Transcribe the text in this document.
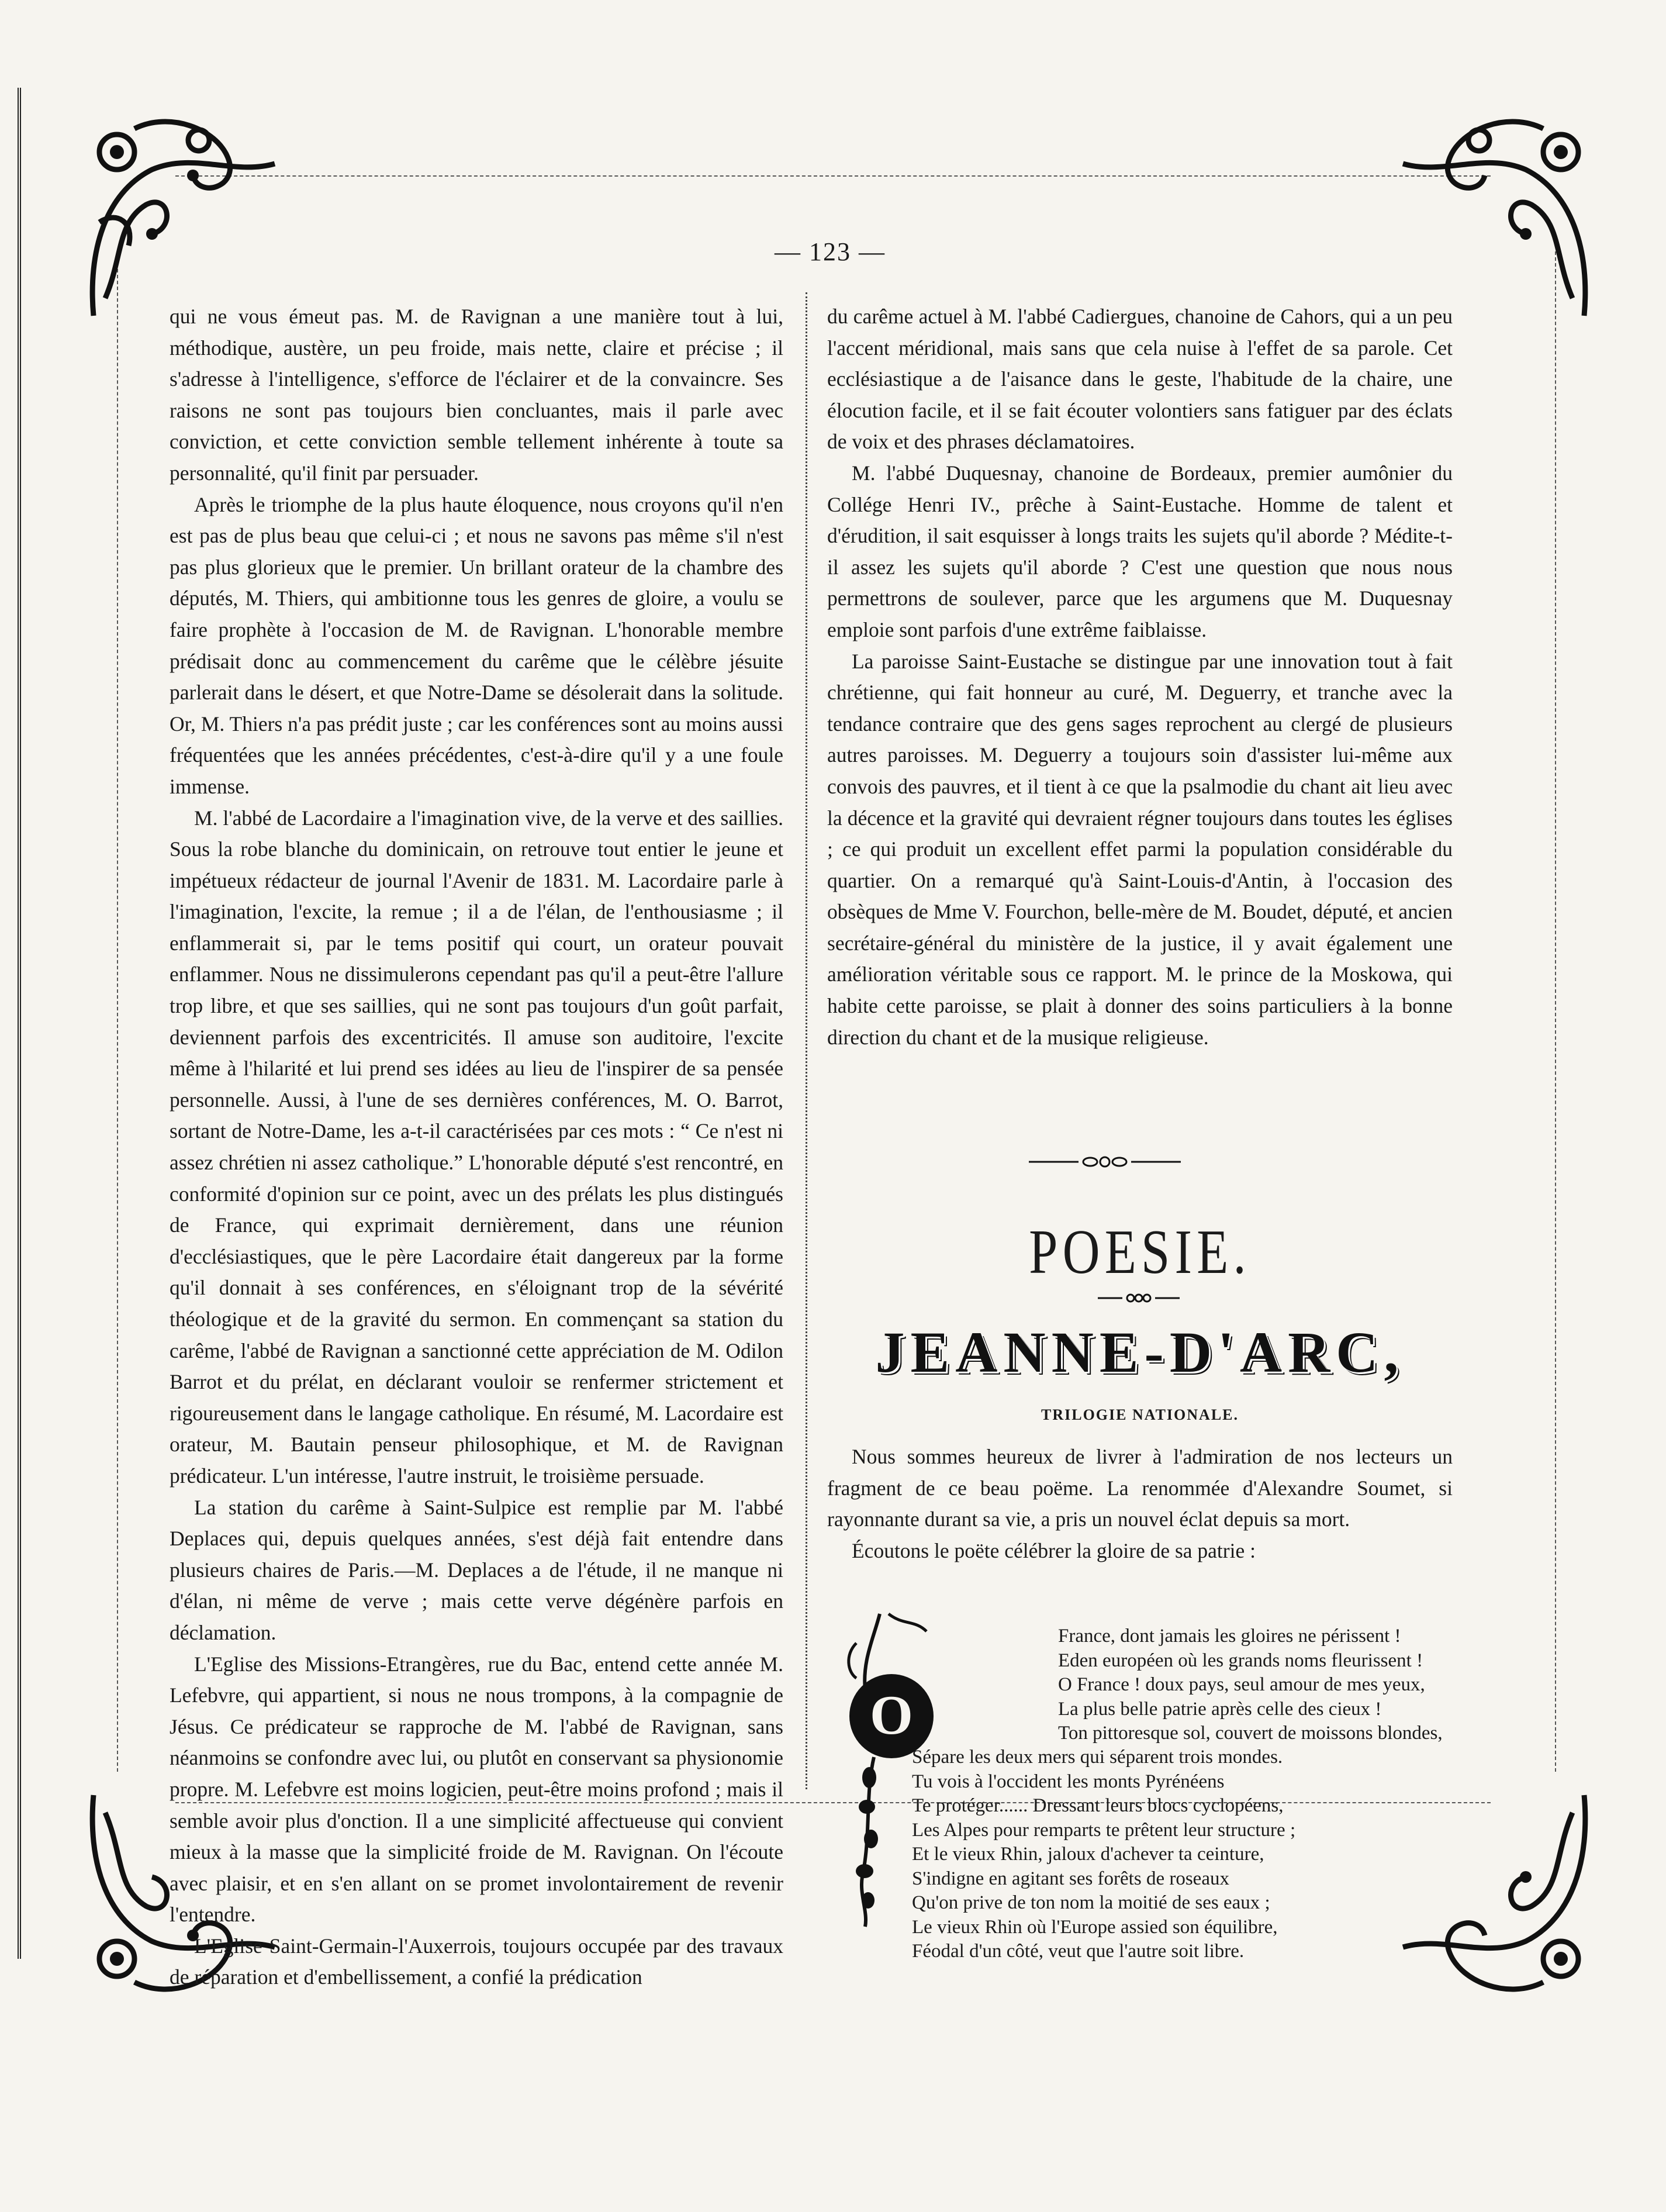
— 123 —

qui ne vous émeut pas. M. de Ravignan a une manière tout à lui, méthodique, austère, un peu froide, mais nette, claire et précise ; il s'adresse à l'intelligence, s'efforce de l'éclairer et de la convaincre. Ses raisons ne sont pas toujours bien concluantes, mais il parle avec conviction, et cette conviction semble tellement inhérente à toute sa personnalité, qu'il finit par persuader.

Après le triomphe de la plus haute éloquence, nous croyons qu'il n'en est pas de plus beau que celui-ci ; et nous ne savons pas même s'il n'est pas plus glorieux que le premier. Un brillant orateur de la chambre des députés, M. Thiers, qui ambitionne tous les genres de gloire, a voulu se faire prophète à l'occasion de M. de Ravignan. L'honorable membre prédisait donc au commencement du carême que le célèbre jésuite parlerait dans le désert, et que Notre-Dame se désolerait dans la solitude. Or, M. Thiers n'a pas prédit juste ; car les conférences sont au moins aussi fréquentées que les années précédentes, c'est-à-dire qu'il y a une foule immense.

M. l'abbé de Lacordaire a l'imagination vive, de la verve et des saillies. Sous la robe blanche du dominicain, on retrouve tout entier le jeune et impétueux rédacteur de journal l'Avenir de 1831. M. Lacordaire parle à l'imagination, l'excite, la remue ; il a de l'élan, de l'enthousiasme ; il enflammerait si, par le tems positif qui court, un orateur pouvait enflammer. Nous ne dissimulerons cependant pas qu'il a peut-être l'allure trop libre, et que ses saillies, qui ne sont pas toujours d'un goût parfait, deviennent parfois des excentricités. Il amuse son auditoire, l'excite même à l'hilarité et lui prend ses idées au lieu de l'inspirer de sa pensée personnelle. Aussi, à l'une de ses dernières conférences, M. O. Barrot, sortant de Notre-Dame, les a-t-il caractérisées par ces mots : “ Ce n'est ni assez chrétien ni assez catholique.” L'honorable député s'est rencontré, en conformité d'opinion sur ce point, avec un des prélats les plus distingués de France, qui exprimait dernièrement, dans une réunion d'ecclésiastiques, que le père Lacordaire était dangereux par la forme qu'il donnait à ses conférences, en s'éloignant trop de la sévérité théologique et de la gravité du sermon. En commençant sa station du carême, l'abbé de Ravignan a sanctionné cette appréciation de M. Odilon Barrot et du prélat, en déclarant vouloir se renfermer strictement et rigoureusement dans le langage catholique. En résumé, M. Lacordaire est orateur, M. Bautain penseur philosophique, et M. de Ravignan prédicateur. L'un intéresse, l'autre instruit, le troisième persuade.

La station du carême à Saint-Sulpice est remplie par M. l'abbé Deplaces qui, depuis quelques années, s'est déjà fait entendre dans plusieurs chaires de Paris.—M. Deplaces a de l'étude, il ne manque ni d'élan, ni même de verve ; mais cette verve dégénère parfois en déclamation.

L'Eglise des Missions-Etrangères, rue du Bac, entend cette année M. Lefebvre, qui appartient, si nous ne nous trompons, à la compagnie de Jésus. Ce prédicateur se rapproche de M. l'abbé de Ravignan, sans néanmoins se confondre avec lui, ou plutôt en conservant sa physionomie propre. M. Lefebvre est moins logicien, peut-être moins profond ; mais il semble avoir plus d'onction. Il a une simplicité affectueuse qui convient mieux à la masse que la simplicité froide de M. Ravignan. On l'écoute avec plaisir, et en s'en allant on se promet involontairement de revenir l'entendre.

L'Eglise Saint-Germain-l'Auxerrois, toujours occupée par des travaux de réparation et d'embellissement, a confié la prédication

du carême actuel à M. l'abbé Cadiergues, chanoine de Cahors, qui a un peu l'accent méridional, mais sans que cela nuise à l'effet de sa parole. Cet ecclésiastique a de l'aisance dans le geste, l'habitude de la chaire, une élocution facile, et il se fait écouter volontiers sans fatiguer par des éclats de voix et des phrases déclamatoires.

M. l'abbé Duquesnay, chanoine de Bordeaux, premier aumônier du Collége Henri IV., prêche à Saint-Eustache. Homme de talent et d'érudition, il sait esquisser à longs traits les sujets qu'il aborde ? Médite-t-il assez les sujets qu'il aborde ? C'est une question que nous nous permettrons de soulever, parce que les argumens que M. Duquesnay emploie sont parfois d'une extrême faiblaisse.

La paroisse Saint-Eustache se distingue par une innovation tout à fait chrétienne, qui fait honneur au curé, M. Deguerry, et tranche avec la tendance contraire que des gens sages reprochent au clergé de plusieurs autres paroisses. M. Deguerry a toujours soin d'assister lui-même aux convois des pauvres, et il tient à ce que la psalmodie du chant ait lieu avec la décence et la gravité qui devraient régner toujours dans toutes les églises ; ce qui produit un excellent effet parmi la population considérable du quartier. On a remarqué qu'à Saint-Louis-d'Antin, à l'occasion des obsèques de Mme V. Fourchon, belle-mère de M. Boudet, député, et ancien secrétaire-général du ministère de la justice, il y avait également une amélioration véritable sous ce rapport. M. le prince de la Moskowa, qui habite cette paroisse, se plait à donner des soins particuliers à la bonne direction du chant et de la musique religieuse.

POESIE.
JEANNE-D'ARC,
TRILOGIE NATIONALE.

Nous sommes heureux de livrer à l'admiration de nos lecteurs un fragment de ce beau poëme. La renommée d'Alexandre Soumet, si rayonnante durant sa vie, a pris un nouvel éclat depuis sa mort.

Écoutons le poëte célébrer la gloire de sa patrie :

O
France, dont jamais les gloires ne périssent !
Eden européen où les grands noms fleurissent !
O France ! doux pays, seul amour de mes yeux,
La plus belle patrie après celle des cieux !
Ton pittoresque sol, couvert de moissons blondes,
Sépare les deux mers qui séparent trois mondes.
Tu vois à l'occident les monts Pyrénéens
Te protéger...... Dressant leurs blocs cyclopéens,
Les Alpes pour remparts te prêtent leur structure ;
Et le vieux Rhin, jaloux d'achever ta ceinture,
S'indigne en agitant ses forêts de roseaux
Qu'on prive de ton nom la moitié de ses eaux ;
Le vieux Rhin où l'Europe assied son équilibre,
Féodal d'un côté, veut que l'autre soit libre.
